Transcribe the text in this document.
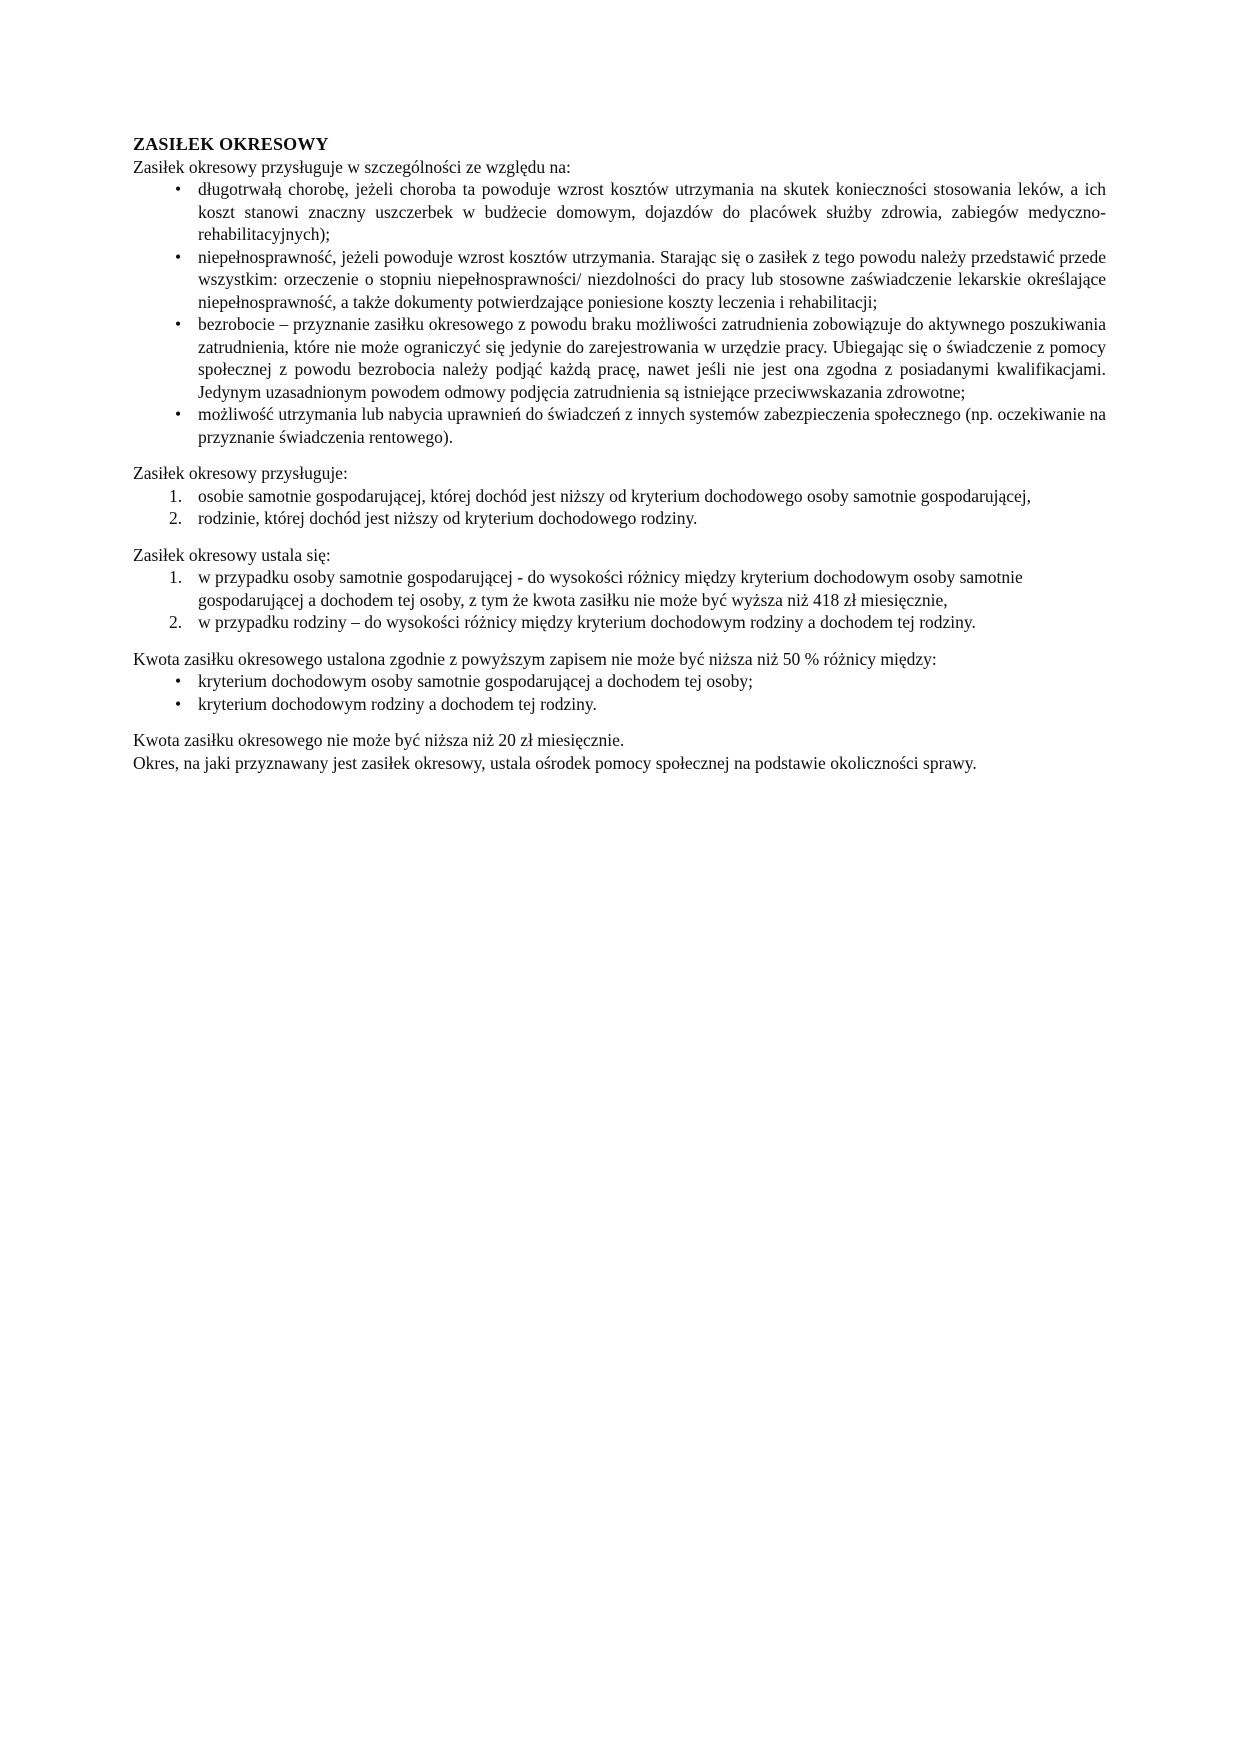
ZASIŁEK OKRESOWY

Zasiłek okresowy przysługuje w szczególności ze względu na:

• długotrwałą chorobę, jeżeli choroba ta powoduje wzrost kosztów utrzymania na skutek konieczności stosowania leków, a ich koszt stanowi znaczny uszczerbek w budżecie domowym, dojazdów do placówek służby zdrowia, zabiegów medyczno-rehabilitacyjnych);
• niepełnosprawność, jeżeli powoduje wzrost kosztów utrzymania. Starając się o zasiłek z tego powodu należy przedstawić przede wszystkim: orzeczenie o stopniu niepełnosprawności/ niezdolności do pracy lub stosowne zaświadczenie lekarskie określające niepełnosprawność, a także dokumenty potwierdzające poniesione koszty leczenia i rehabilitacji;
• bezrobocie – przyznanie zasiłku okresowego z powodu braku możliwości zatrudnienia zobowiązuje do aktywnego poszukiwania zatrudnienia, które nie może ograniczyć się jedynie do zarejestrowania w urzędzie pracy. Ubiegając się o świadczenie z pomocy społecznej z powodu bezrobocia należy podjąć każdą pracę, nawet jeśli nie jest ona zgodna z posiadanymi kwalifikacjami. Jedynym uzasadnionym powodem odmowy podjęcia zatrudnienia są istniejące przeciwwskazania zdrowotne;
• możliwość utrzymania lub nabycia uprawnień do świadczeń z innych systemów zabezpieczenia społecznego (np. oczekiwanie na przyznanie świadczenia rentowego).

Zasiłek okresowy przysługuje:

osobie samotnie gospodarującej, której dochód jest niższy od kryterium dochodowego osoby samotnie gospodarującej,
rodzinie, której dochód jest niższy od kryterium dochodowego rodziny.

Zasiłek okresowy ustala się:

w przypadku osoby samotnie gospodarującej - do wysokości różnicy między kryterium dochodowym osoby samotnie gospodarującej a dochodem tej osoby, z tym że kwota zasiłku nie może być wyższa niż 418 zł miesięcznie,
w przypadku rodziny – do wysokości różnicy między kryterium dochodowym rodziny a dochodem tej rodziny.

Kwota zasiłku okresowego ustalona zgodnie z powyższym zapisem nie może być niższa niż 50 % różnicy między:

• kryterium dochodowym osoby samotnie gospodarującej a dochodem tej osoby;
• kryterium dochodowym rodziny a dochodem tej rodziny.

Kwota zasiłku okresowego nie może być niższa niż 20 zł miesięcznie.

Okres, na jaki przyznawany jest zasiłek okresowy, ustala ośrodek pomocy społecznej na podstawie okoliczności sprawy.
